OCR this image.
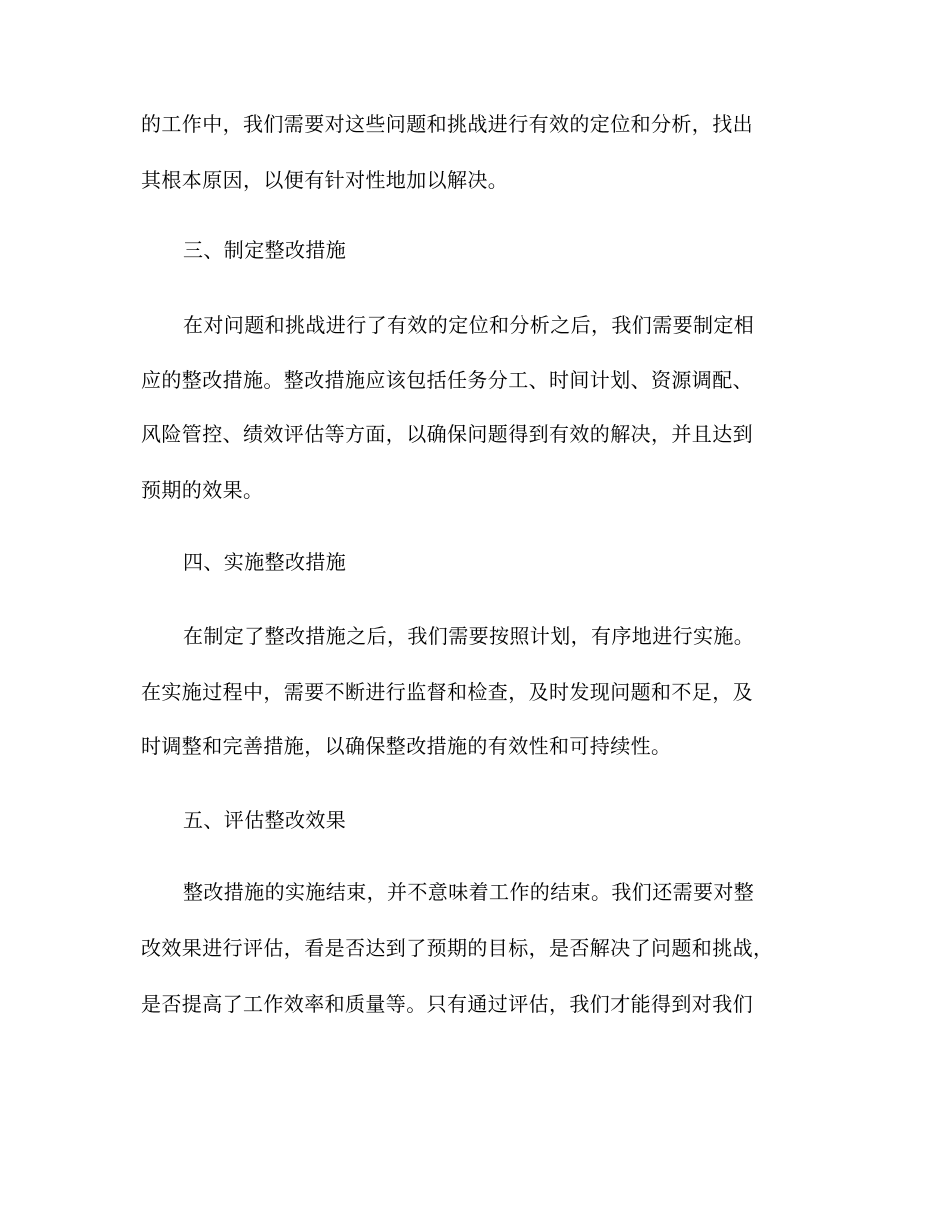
的工作中，我们需要对这些问题和挑战进行有效的定位和分析，找出
其根本原因，以便有针对性地加以解决。
三、制定整改措施
在对问题和挑战进行了有效的定位和分析之后，我们需要制定相
应的整改措施。整改措施应该包括任务分工、时间计划、资源调配、
风险管控、绩效评估等方面，以确保问题得到有效的解决，并且达到
预期的效果。
四、实施整改措施
在制定了整改措施之后，我们需要按照计划，有序地进行实施。
在实施过程中，需要不断进行监督和检查，及时发现问题和不足，及
时调整和完善措施，以确保整改措施的有效性和可持续性。
五、评估整改效果
整改措施的实施结束，并不意味着工作的结束。我们还需要对整
改效果进行评估，看是否达到了预期的目标，是否解决了问题和挑战，
是否提高了工作效率和质量等。只有通过评估，我们才能得到对我们
